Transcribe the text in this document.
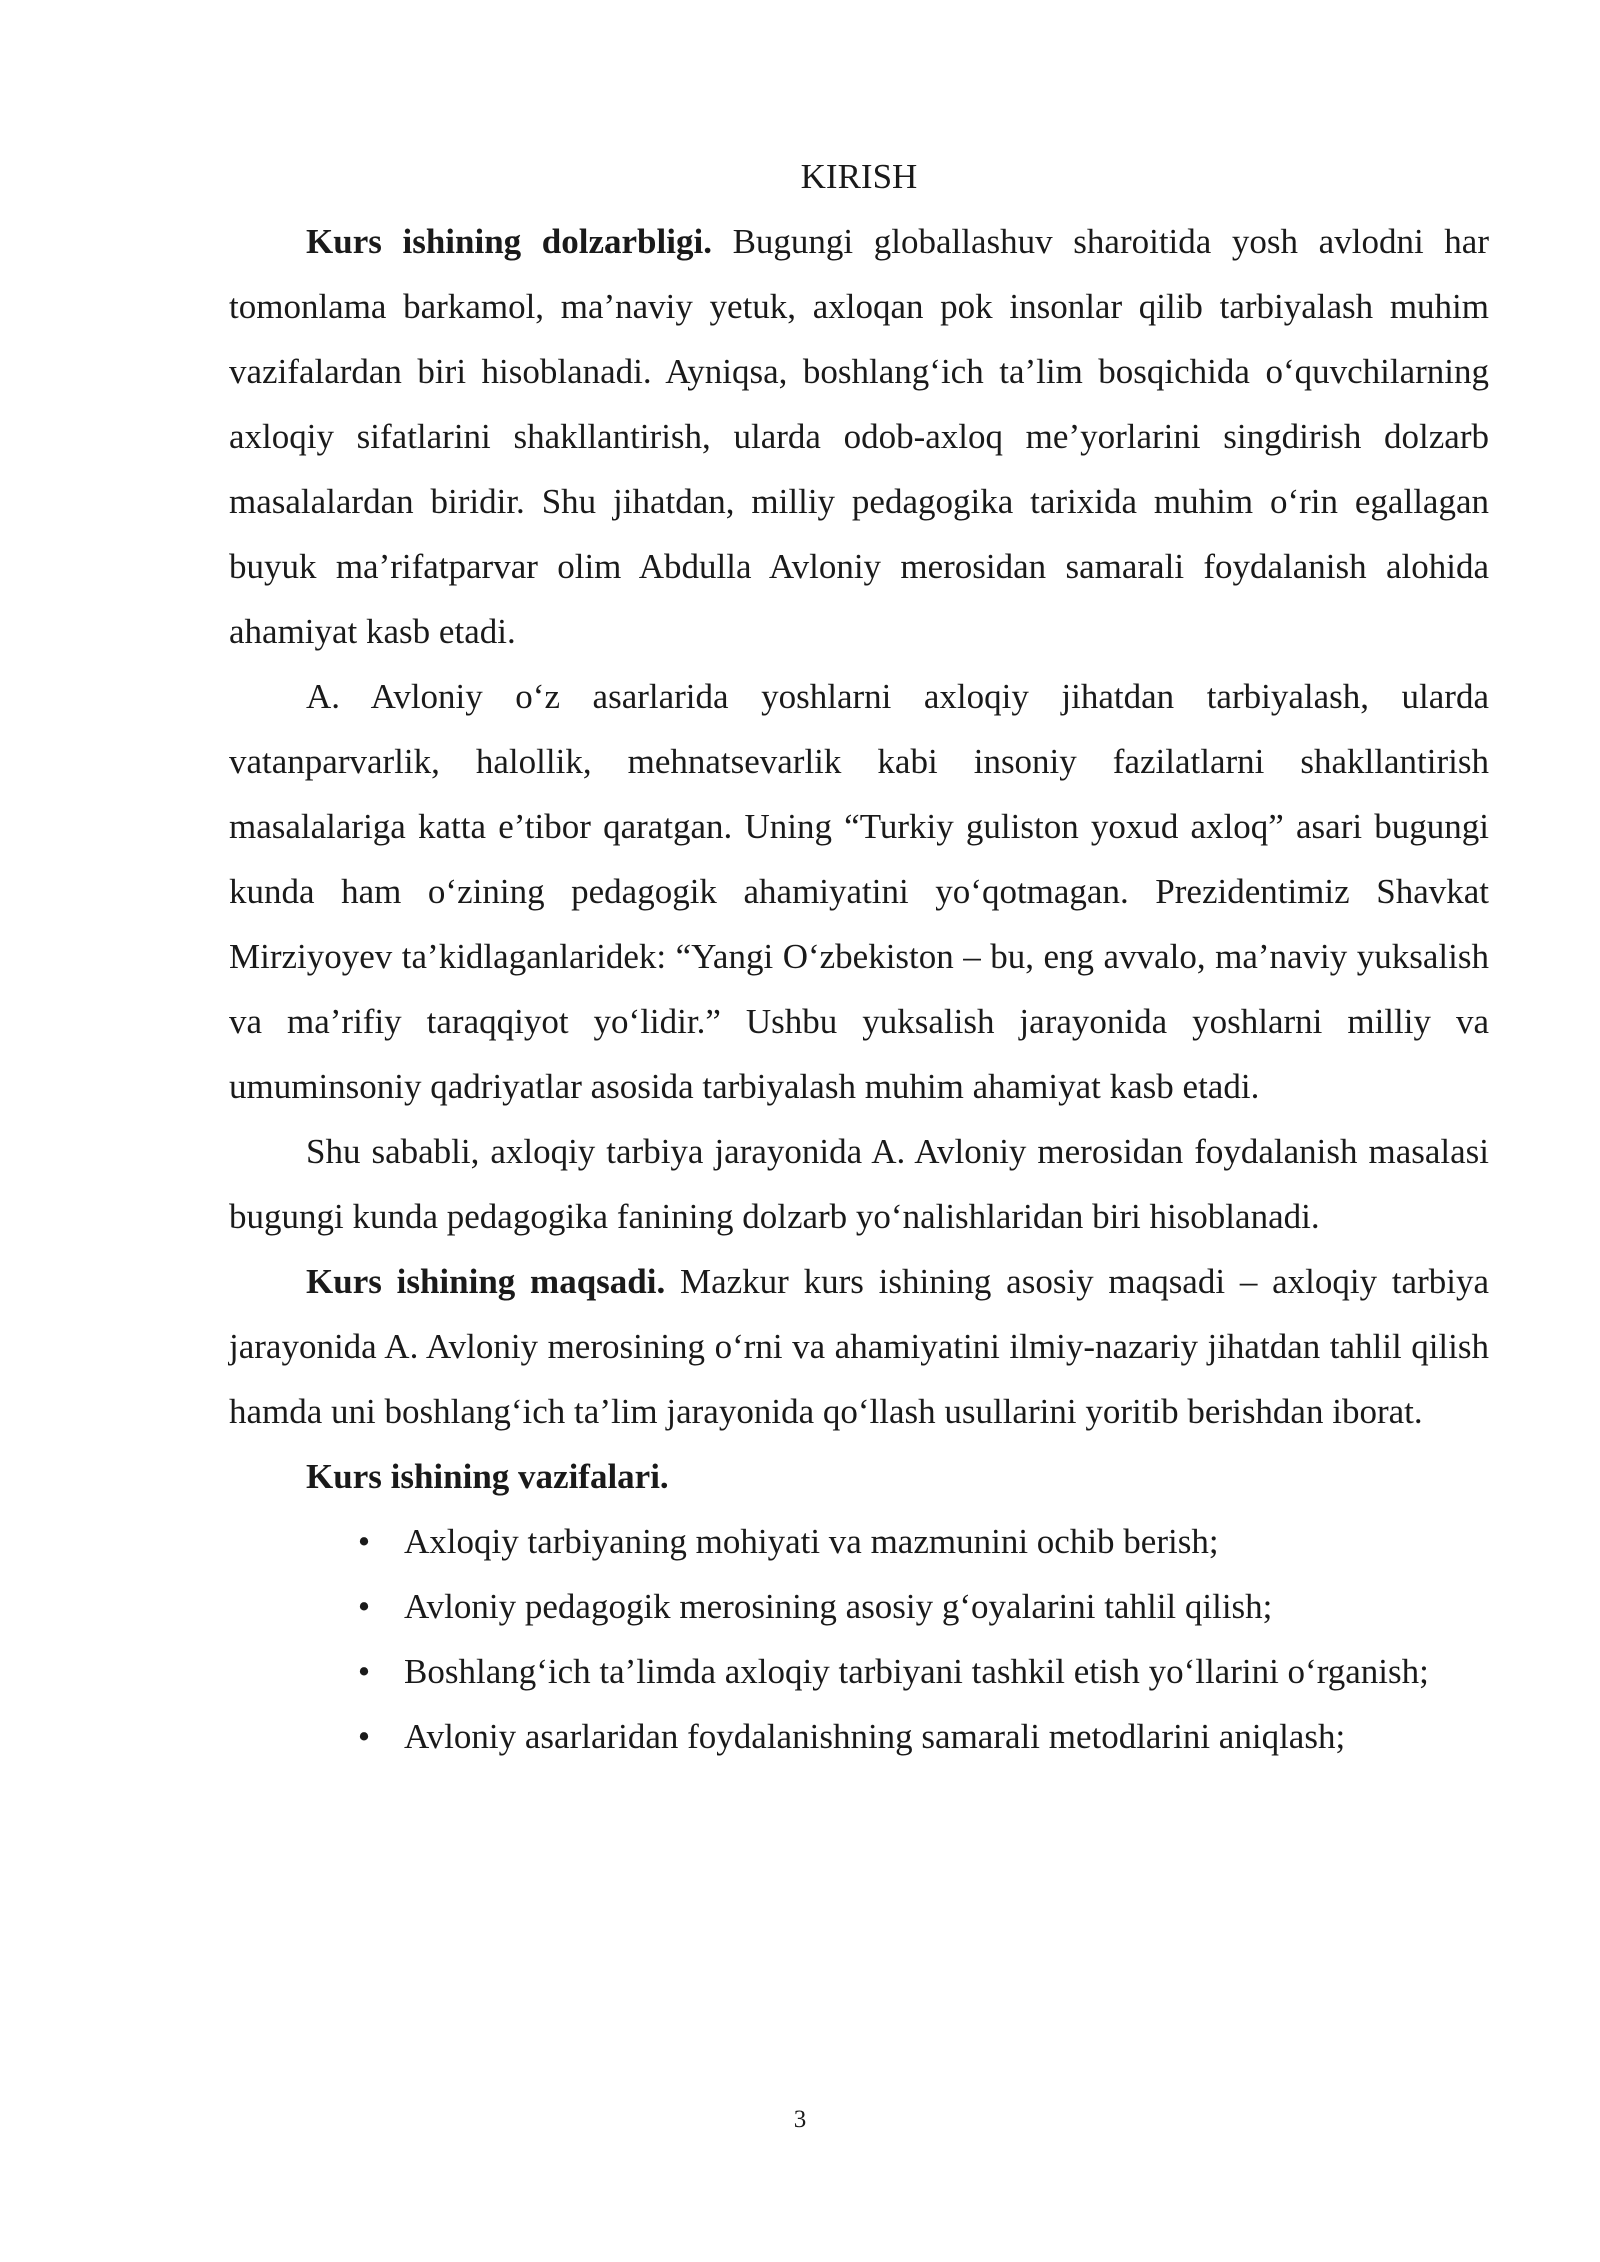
KIRISH

Kurs ishining dolzarbligi. Bugungi globallashuv sharoitida yosh avlodni har tomonlama barkamol, ma’naviy yetuk, axloqan pok insonlar qilib tarbiyalash muhim vazifalardan biri hisoblanadi. Ayniqsa, boshlang‘ich ta’lim bosqichida o‘quvchilarning axloqiy sifatlarini shakllantirish, ularda odob-axloq me’yorlarini singdirish dolzarb masalalardan biridir. Shu jihatdan, milliy pedagogika tarixida muhim o‘rin egallagan buyuk ma’rifatparvar olim Abdulla Avloniy merosidan samarali foydalanish alohida ahamiyat kasb etadi.

A. Avloniy o‘z asarlarida yoshlarni axloqiy jihatdan tarbiyalash, ularda vatanparvarlik, halollik, mehnatsevarlik kabi insoniy fazilatlarni shakllantirish masalalariga katta e’tibor qaratgan. Uning “Turkiy guliston yoxud axloq” asari bugungi kunda ham o‘zining pedagogik ahamiyatini yo‘qotmagan. Prezidentimiz Shavkat Mirziyoyev ta’kidlaganlaridek: “Yangi O‘zbekiston – bu, eng avvalo, ma’naviy yuksalish va ma’rifiy taraqqiyot yo‘lidir.” Ushbu yuksalish jarayonida yoshlarni milliy va umuminsoniy qadriyatlar asosida tarbiyalash muhim ahamiyat kasb etadi.

Shu sababli, axloqiy tarbiya jarayonida A. Avloniy merosidan foydalanish masalasi bugungi kunda pedagogika fanining dolzarb yo‘nalishlaridan biri hisoblanadi.

Kurs ishining maqsadi. Mazkur kurs ishining asosiy maqsadi – axloqiy tarbiya jarayonida A. Avloniy merosining o‘rni va ahamiyatini ilmiy-nazariy jihatdan tahlil qilish hamda uni boshlang‘ich ta’lim jarayonida qo‘llash usullarini yoritib berishdan iborat.

Kurs ishining vazifalari.

• Axloqiy tarbiyaning mohiyati va mazmunini ochib berish;
• Avloniy pedagogik merosining asosiy g‘oyalarini tahlil qilish;
• Boshlang‘ich ta’limda axloqiy tarbiyani tashkil etish yo‘llarini o‘rganish;
• Avloniy asarlaridan foydalanishning samarali metodlarini aniqlash;
3
